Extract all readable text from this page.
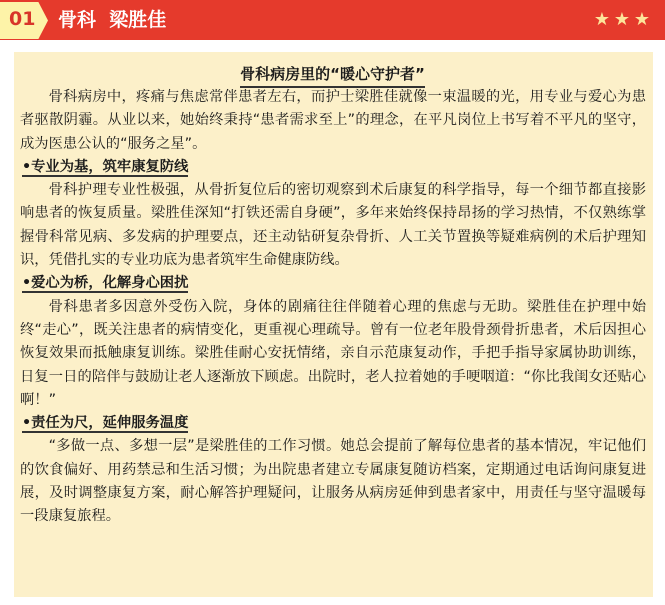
01 骨科  梁胜佳	★ ★ ★
骨科病房里的“暖心守护者”

骨科病房中，疼痛与焦虑常伴患者左右，而护士梁胜佳就像一束温暖的光，用专业与爱心为患者驱散阴霾。从业以来，她始终秉持“患者需求至上”的理念，在平凡岗位上书写着不平凡的坚守，成为医患公认的“服务之星”。

•专业为基，筑牢康复防线

骨科护理专业性极强，从骨折复位后的密切观察到术后康复的科学指导，每一个细节都直接影响患者的恢复质量。梁胜佳深知“打铁还需自身硬”，多年来始终保持昂扬的学习热情，不仅熟练掌握骨科常见病、多发病的护理要点，还主动钻研复杂骨折、人工关节置换等疑难病例的术后护理知识，凭借扎实的专业功底为患者筑牢生命健康防线。

•爱心为桥，化解身心困扰

骨科患者多因意外受伤入院，身体的剧痛往往伴随着心理的焦虑与无助。梁胜佳在护理中始终“走心”，既关注患者的病情变化，更重视心理疏导。曾有一位老年股骨颈骨折患者，术后因担心恢复效果而抵触康复训练。梁胜佳耐心安抚情绪，亲自示范康复动作，手把手指导家属协助训练，日复一日的陪伴与鼓励让老人逐渐放下顾虑。出院时，老人拉着她的手哽咽道：“你比我闺女还贴心啊！”

•责任为尺，延伸服务温度

“多做一点、多想一层”是梁胜佳的工作习惯。她总会提前了解每位患者的基本情况，牢记他们的饮食偏好、用药禁忌和生活习惯；为出院患者建立专属康复随访档案，定期通过电话询问康复进展，及时调整康复方案，耐心解答护理疑问，让服务从病房延伸到患者家中，用责任与坚守温暖每一段康复旅程。
